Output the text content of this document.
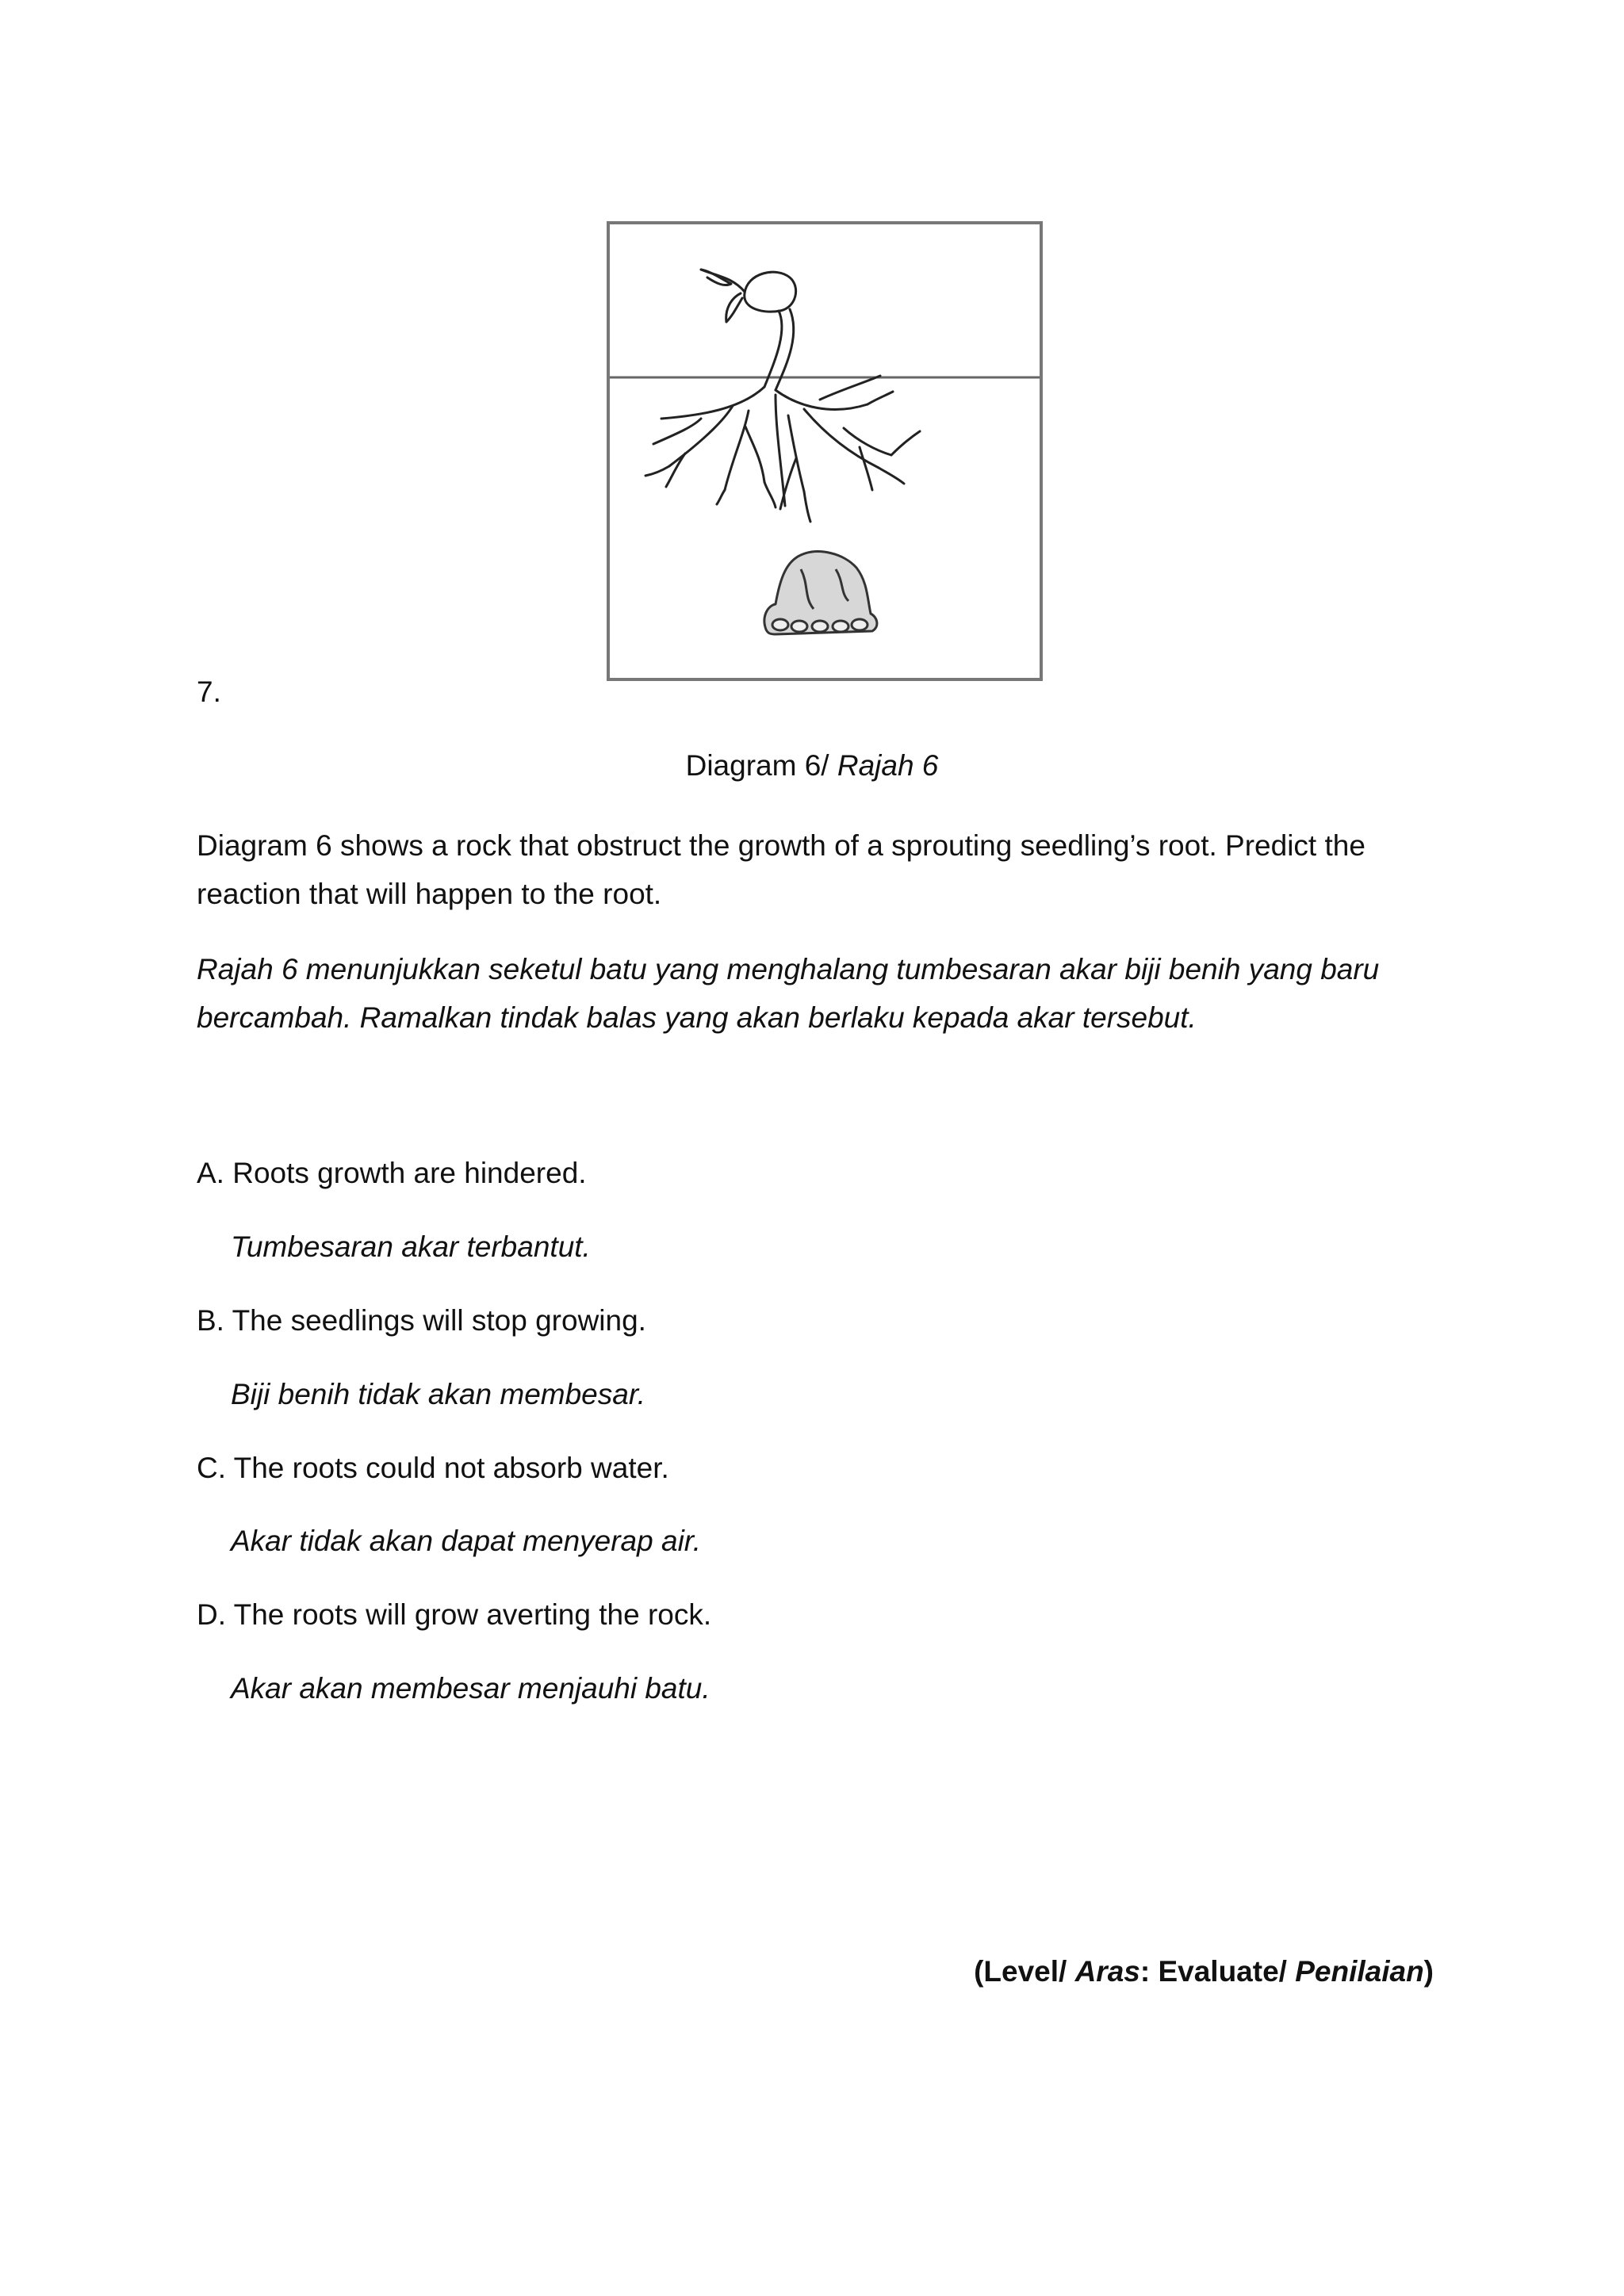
7.
Diagram 6/ Rajah 6
Diagram 6 shows a rock that obstruct the growth of a sprouting seedling’s root. Predict the reaction that will happen to the root.
Rajah 6 menunjukkan seketul batu yang menghalang tumbesaran akar biji benih yang baru bercambah. Ramalkan tindak balas yang akan berlaku kepada akar tersebut.
A. Roots growth are hindered.
Tumbesaran akar terbantut.
B. The seedlings will stop growing.
Biji benih tidak akan membesar.
C. The roots could not absorb water.
Akar tidak akan dapat menyerap air.
D. The roots will grow averting the rock.
Akar akan membesar menjauhi batu.
(Level/ Aras: Evaluate/ Penilaian)
